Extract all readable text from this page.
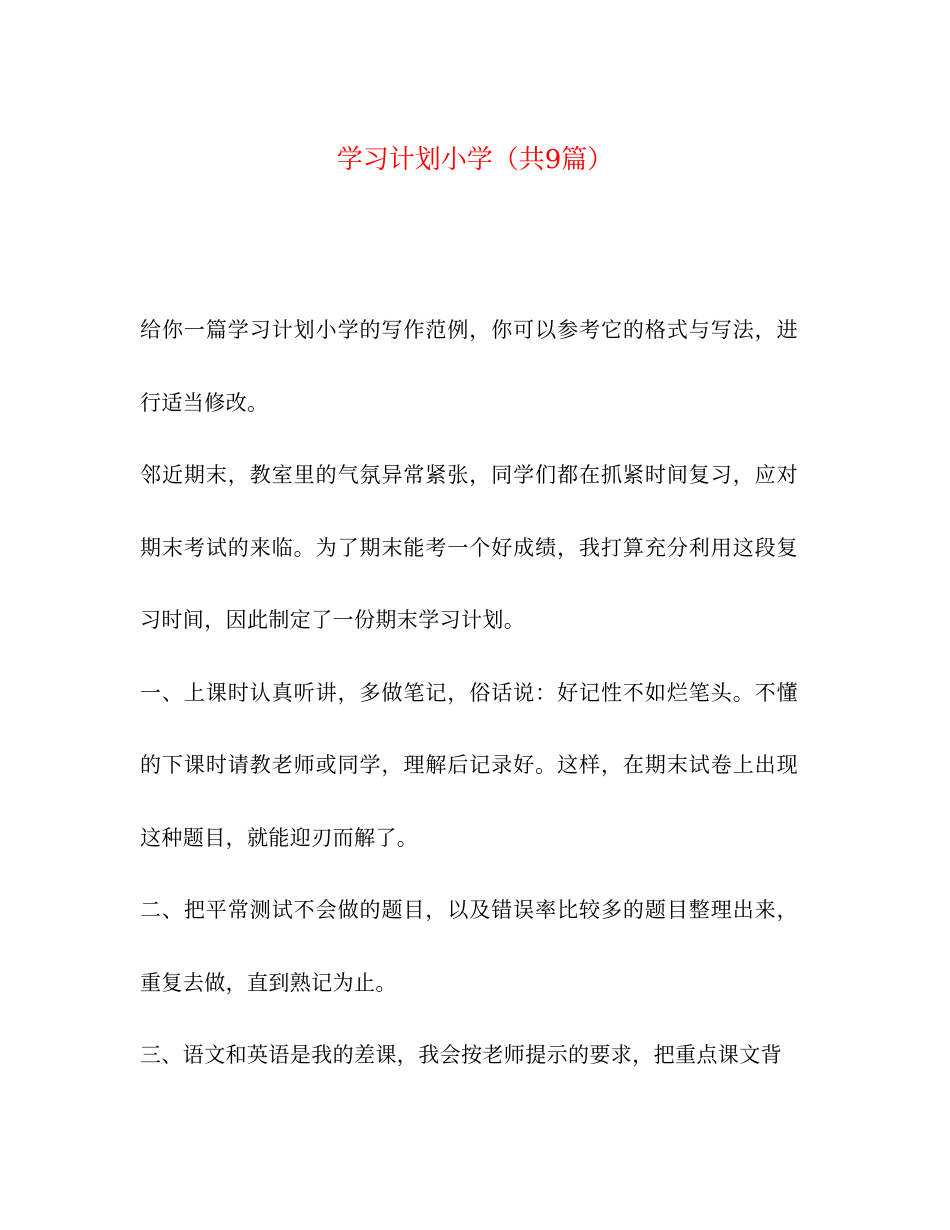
学习计划小学（共9篇）

给你一篇学习计划小学的写作范例，你可以参考它的格式与写法，进行适当修改。

邻近期末，教室里的气氛异常紧张，同学们都在抓紧时间复习，应对期末考试的来临。为了期末能考一个好成绩，我打算充分利用这段复习时间，因此制定了一份期末学习计划。

一、上课时认真听讲，多做笔记，俗话说：好记性不如烂笔头。不懂的下课时请教老师或同学，理解后记录好。这样，在期末试卷上出现这种题目，就能迎刃而解了。

二、把平常测试不会做的题目，以及错误率比较多的题目整理出来，重复去做，直到熟记为止。

三、语文和英语是我的差课，我会按老师提示的要求，把重点课文背
